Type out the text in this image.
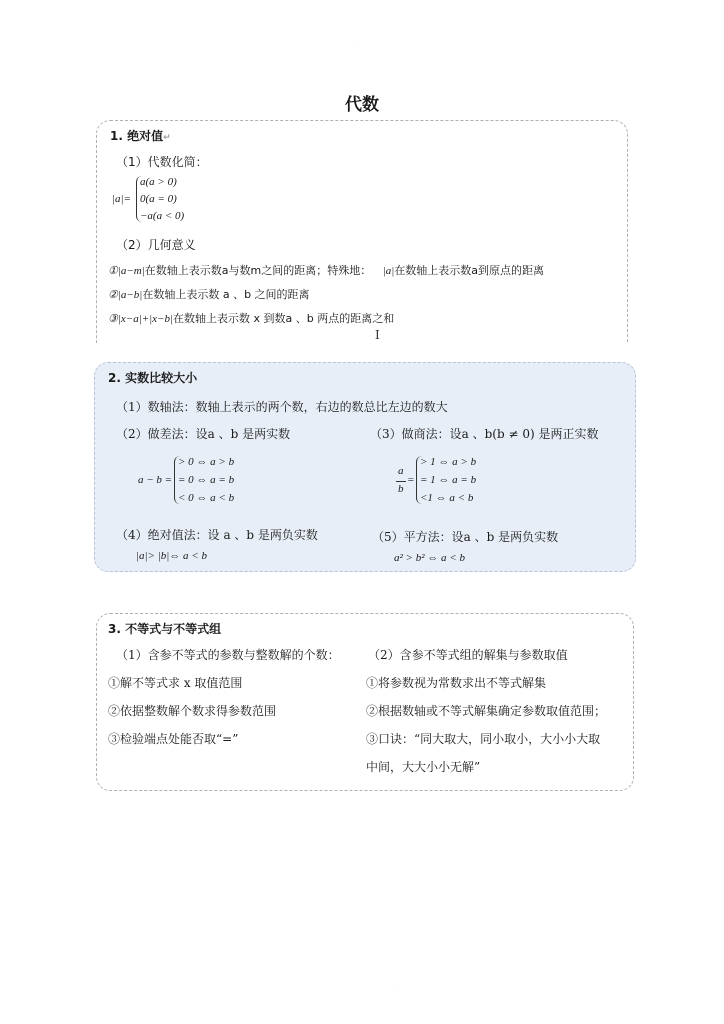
·
代数
1. 绝对值↵
（1）代数化简：
|a|=
a(a > 0)
0(a = 0)
−a(a < 0)
（2）几何意义
①|a−m|在数轴上表示数a与数m之间的距离；特殊地： |a|在数轴上表示数a到原点的距离
②|a−b|在数轴上表示数 a 、b 之间的距离
③|x−a|+|x−b|在数轴上表示数 x 到数a 、b 两点的距离之和
I
2. 实数比较大小
（1）数轴法：数轴上表示的两个数，右边的数总比左边的数大
（2）做差法：设a 、b 是两实数
a − b =
> 0 ⇔ a > b
= 0 ⇔ a = b
< 0 ⇔ a < b
（3）做商法：设a 、b(b ≠ 0) 是两正实数
a
b
=
> 1 ⇔ a > b
= 1 ⇔ a = b
<1 ⇔ a < b
（4）绝对值法：设 a 、b 是两负实数
|a|> |b|⇔ a < b
（5）平方法：设a 、b 是两负实数
a² > b² ⇔ a < b
3. 不等式与不等式组
（1）含参不等式的参数与整数解的个数：
①解不等式求 x 取值范围
②依据整数解个数求得参数范围
③检验端点处能否取“=”
（2）含参不等式组的解集与参数取值
①将参数视为常数求出不等式解集
②根据数轴或不等式解集确定参数取值范围；
③口诀：“同大取大，同小取小，大小小大取
中间，大大小小无解”
·
